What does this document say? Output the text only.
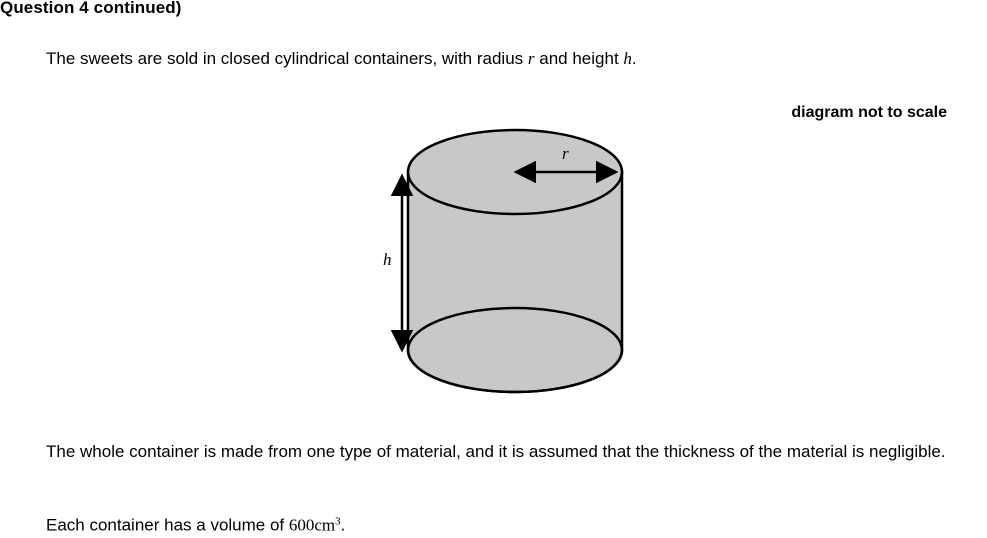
Question 4 continued)
The sweets are sold in closed cylindrical containers, with radius r and height h.
diagram not to scale
r
h
The whole container is made from one type of material, and it is assumed that the thickness of the material is negligible.
Each container has a volume of $600cm^3$.
